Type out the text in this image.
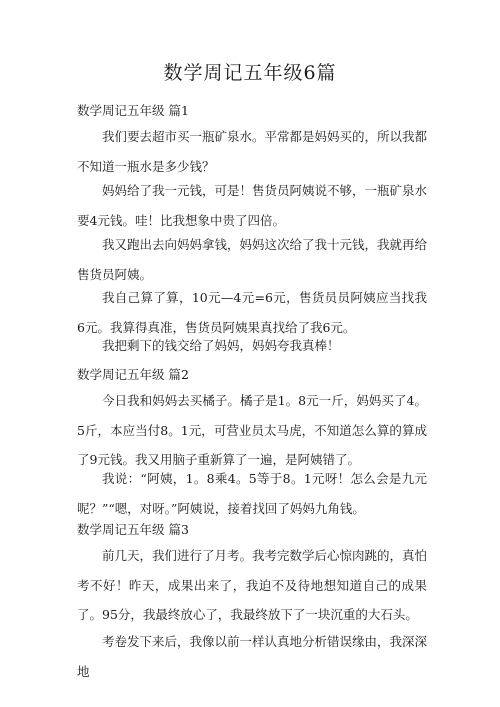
数学周记五年级6篇
数学周记五年级 篇1

我们要去超市买一瓶矿泉水。平常都是妈妈买的，所以我都不知道一瓶水是多少钱？

妈妈给了我一元钱，可是！售货员阿姨说不够，一瓶矿泉水要4元钱。哇！比我想象中贵了四倍。

我又跑出去向妈妈拿钱，妈妈这次给了我十元钱，我就再给售货员阿姨。

我自己算了算，10元—4元=6元，售货员员阿姨应当找我6元。我算得真准，售货员阿姨果真找给了我6元。

我把剩下的钱交给了妈妈，妈妈夸我真棒！

数学周记五年级 篇2

今日我和妈妈去买橘子。橘子是1。8元一斤，妈妈买了4。5斤，本应当付8。1元，可营业员太马虎，不知道怎么算的算成了9元钱。我又用脑子重新算了一遍，是阿姨错了。

我说：“阿姨，1。8乘4。5等于8。1元呀！怎么会是九元呢？”“嗯，对呀。”阿姨说，接着找回了妈妈九角钱。

数学周记五年级 篇3

前几天，我们进行了月考。我考完数学后心惊肉跳的，真怕考不好！昨天，成果出来了，我迫不及待地想知道自己的成果了。95分，我最终放心了，我最终放下了一块沉重的大石头。

考卷发下来后，我像以前一样认真地分析错误缘由，我深深地
